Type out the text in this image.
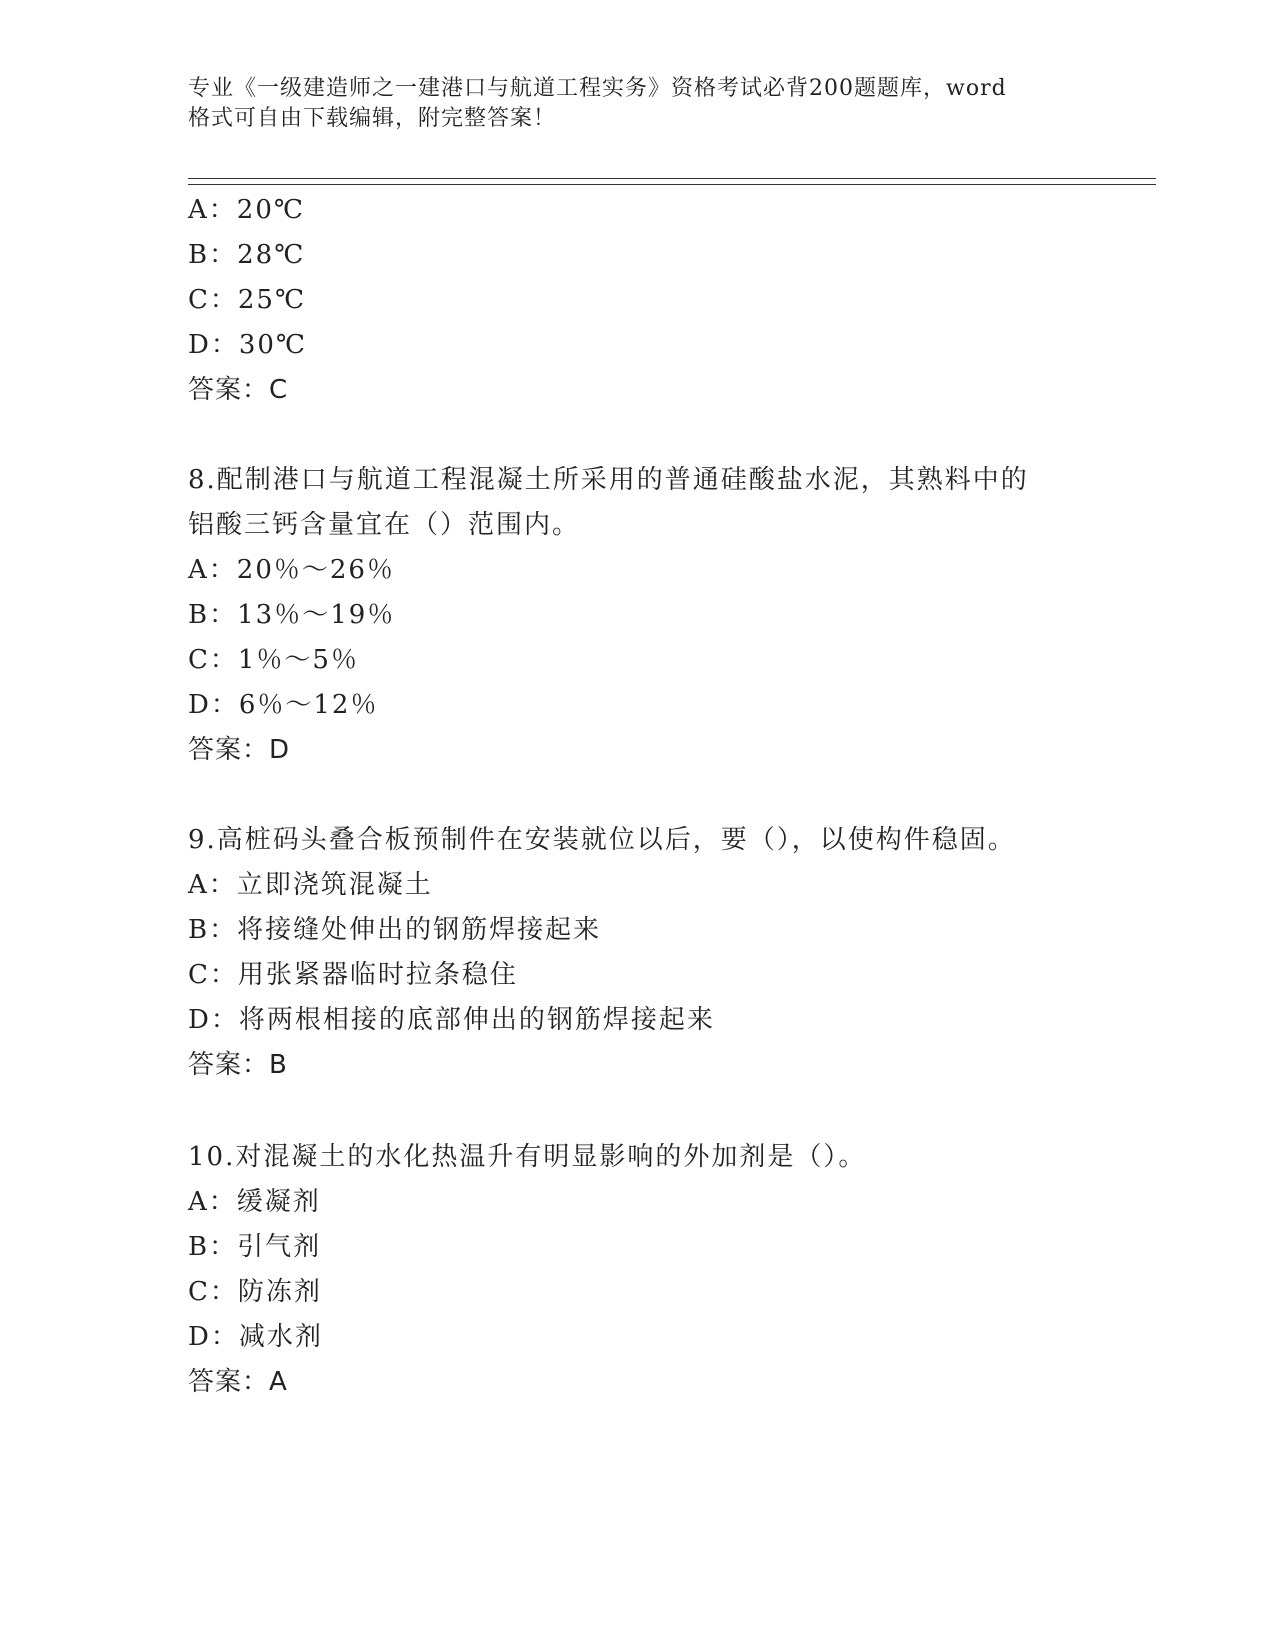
专业《一级建造师之一建港口与航道工程实务》资格考试必背200题题库，word
格式可自由下载编辑，附完整答案！
A：20℃
B：28℃
C：25℃
D：30℃
答案：C
8.配制港口与航道工程混凝土所采用的普通硅酸盐水泥，其熟料中的
铝酸三钙含量宜在（）范围内。
A：20％～26％
B：13％～19％
C：1％～5％
D：6％～12％
答案：D
9.高桩码头叠合板预制件在安装就位以后，要（），以使构件稳固。
A：立即浇筑混凝土
B：将接缝处伸出的钢筋焊接起来
C：用张紧器临时拉条稳住
D：将两根相接的底部伸出的钢筋焊接起来
答案：B
10.对混凝土的水化热温升有明显影响的外加剂是（）。
A：缓凝剂
B：引气剂
C：防冻剂
D：减水剂
答案：A
